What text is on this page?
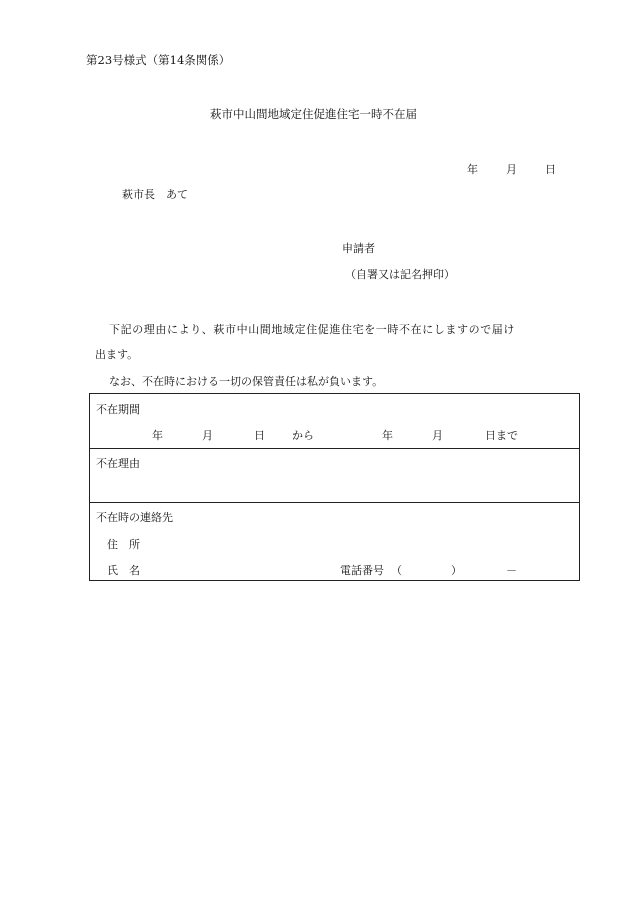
第23号様式（第14条関係）
萩市中山間地域定住促進住宅一時不在届
年	月	日
萩市長　あて
申請者
（自署又は記名押印）
下記の理由により、萩市中山間地域定住促進住宅を一時不在にしますので届け
出ます。
なお、不在時における一切の保管責任は私が負います。
不在期間
年	月	日 から	年	月	日まで
不在理由
不在時の連絡先
住　所
氏　名	電話番号 （	）	－
